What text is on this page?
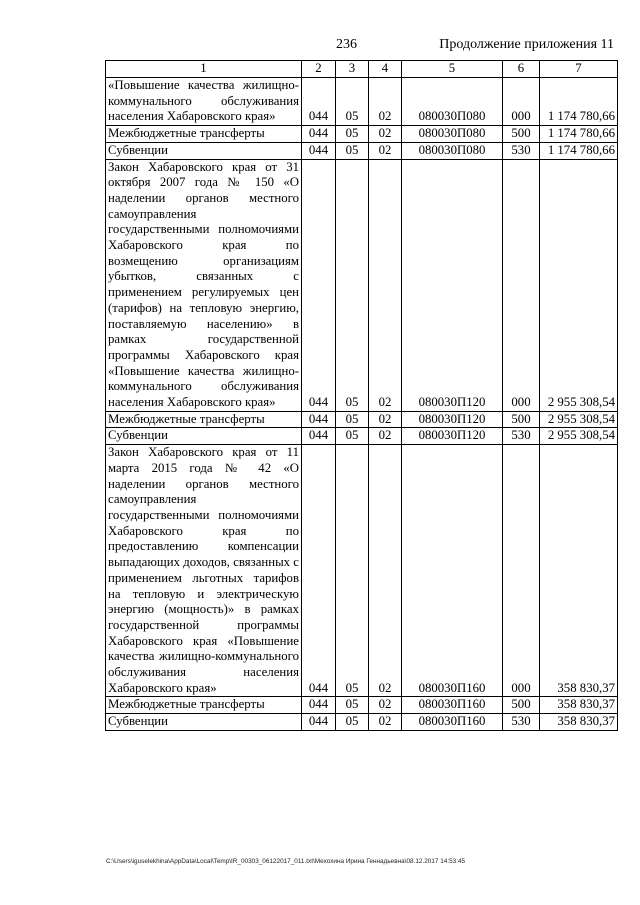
236	Продолжение приложения 11
1	2	3	4	5	6	7

«Повышение качества жилищно-коммунального обслуживания населения Хабаровского края»	044	05	02	080030П080	000	1 174 780,66

Межбюджетные трансферты	044	05	02	080030П080	500	1 174 780,66

Субвенции	044	05	02	080030П080	530	1 174 780,66

Закон Хабаровского края от 31 октября 2007 года № 150 «О наделении органов местного самоуправления государственными полномочиями Хабаровского края по возмещению организациям убытков, связанных с применением регулируемых цен (тарифов) на тепловую энергию, поставляемую населению» в рамках государственной программы Хабаровского края «Повышение качества жилищно-коммунального обслуживания населения Хабаровского края»	044	05	02	080030П120	000	2 955 308,54

Межбюджетные трансферты	044	05	02	080030П120	500	2 955 308,54

Субвенции	044	05	02	080030П120	530	2 955 308,54

Закон Хабаровского края от 11 марта 2015 года № 42 «О наделении органов местного самоуправления государственными полномочиями Хабаровского края по предоставлению компенсации выпадающих доходов, связанных с применением льготных тарифов на тепловую и электрическую энергию (мощность)» в рамках государственной программы Хабаровского края «Повышение качества жилищно-коммунального обслуживания населения Хабаровского края»	044	05	02	080030П160	000	358 830,37

Межбюджетные трансферты	044	05	02	080030П160	500	358 830,37

Субвенции	044	05	02	080030П160	530	358 830,37
C:\Users\iguselekhina\AppData\Local\Temp\IR_00303_06122017_011.txt\Мехохина Ирина Геннадьевна\08.12.2017 14:53:45
